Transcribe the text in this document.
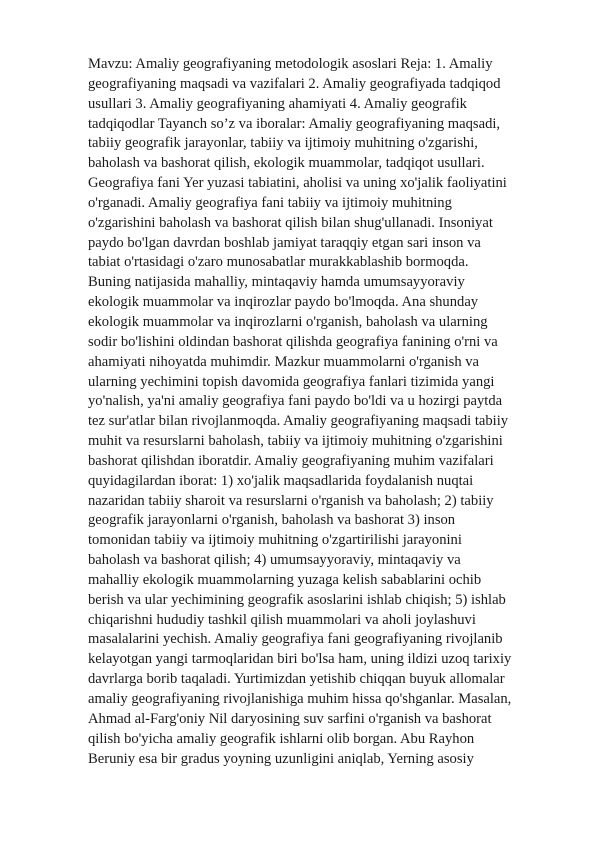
Mavzu: Amaliy geografiyaning metodologik asoslari Reja: 1. Amaliy
geografiyaning maqsadi va vazifalari 2. Amaliy geografiyada tadqiqod
usullari 3. Amaliy geografiyaning ahamiyati 4. Amaliy geografik
tadqiqodlar Tayanch so’z va iboralar: Amaliy geografiyaning maqsadi,
tabiiy geografik jarayonlar, tabiiy va ijtimoiy muhitning o'zgarishi,
baholash va bashorat qilish, ekologik muammolar, tadqiqot usullari.
Geografiya fani Yer yuzasi tabiatini, aholisi va uning xo'jalik faoliyatini
o'rganadi. Amaliy geografiya fani tabiiy va ijtimoiy muhitning
o'zgarishini baholash va bashorat qilish bilan shug'ullanadi. Insoniyat
paydo bo'lgan davrdan boshlab jamiyat taraqqiy etgan sari inson va
tabiat o'rtasidagi o'zaro munosabatlar murakkablashib bormoqda.
Buning natijasida mahalliy, mintaqaviy hamda umumsayyoraviy
ekologik muammolar va inqirozlar paydo bo'lmoqda. Ana shunday
ekologik muammolar va inqirozlarni o'rganish, baholash va ularning
sodir bo'lishini oldindan bashorat qilishda geografiya fanining o'rni va
ahamiyati nihoyatda muhimdir. Mazkur muammolarni o'rganish va
ularning yechimini topish davomida geografiya fanlari tizimida yangi
yo'nalish, ya'ni amaliy geografiya fani paydo bo'ldi va u hozirgi paytda
tez sur'atlar bilan rivojlanmoqda. Amaliy geografiyaning maqsadi tabiiy
muhit va resurslarni baholash, tabiiy va ijtimoiy muhitning o'zgarishini
bashorat qilishdan iboratdir. Amaliy geografiyaning muhim vazifalari
quyidagilardan iborat: 1) xo'jalik maqsadlarida foydalanish nuqtai
nazaridan tabiiy sharoit va resurslarni o'rganish va baholash; 2) tabiiy
geografik jarayonlarni o'rganish, baholash va bashorat 3) inson
tomonidan tabiiy va ijtimoiy muhitning o'zgartirilishi jarayonini
baholash va bashorat qilish; 4) umumsayyoraviy, mintaqaviy va
mahalliy ekologik muammolarning yuzaga kelish sabablarini ochib
berish va ular yechimining geografik asoslarini ishlab chiqish; 5) ishlab
chiqarishni hududiy tashkil qilish muammolari va aholi joylashuvi
masalalarini yechish. Amaliy geografiya fani geografiyaning rivojlanib
kelayotgan yangi tarmoqlaridan biri bo'lsa ham, uning ildizi uzoq tarixiy
davrlarga borib taqaladi. Yurtimizdan yetishib chiqqan buyuk allomalar
amaliy geografiyaning rivojlanishiga muhim hissa qo'shganlar. Masalan,
Ahmad al-Farg'oniy Nil daryosining suv sarfini o'rganish va bashorat
qilish bo'yicha amaliy geografik ishlarni olib borgan. Abu Rayhon
Beruniy esa bir gradus yoyning uzunligini aniqlab, Yerning asosiy
